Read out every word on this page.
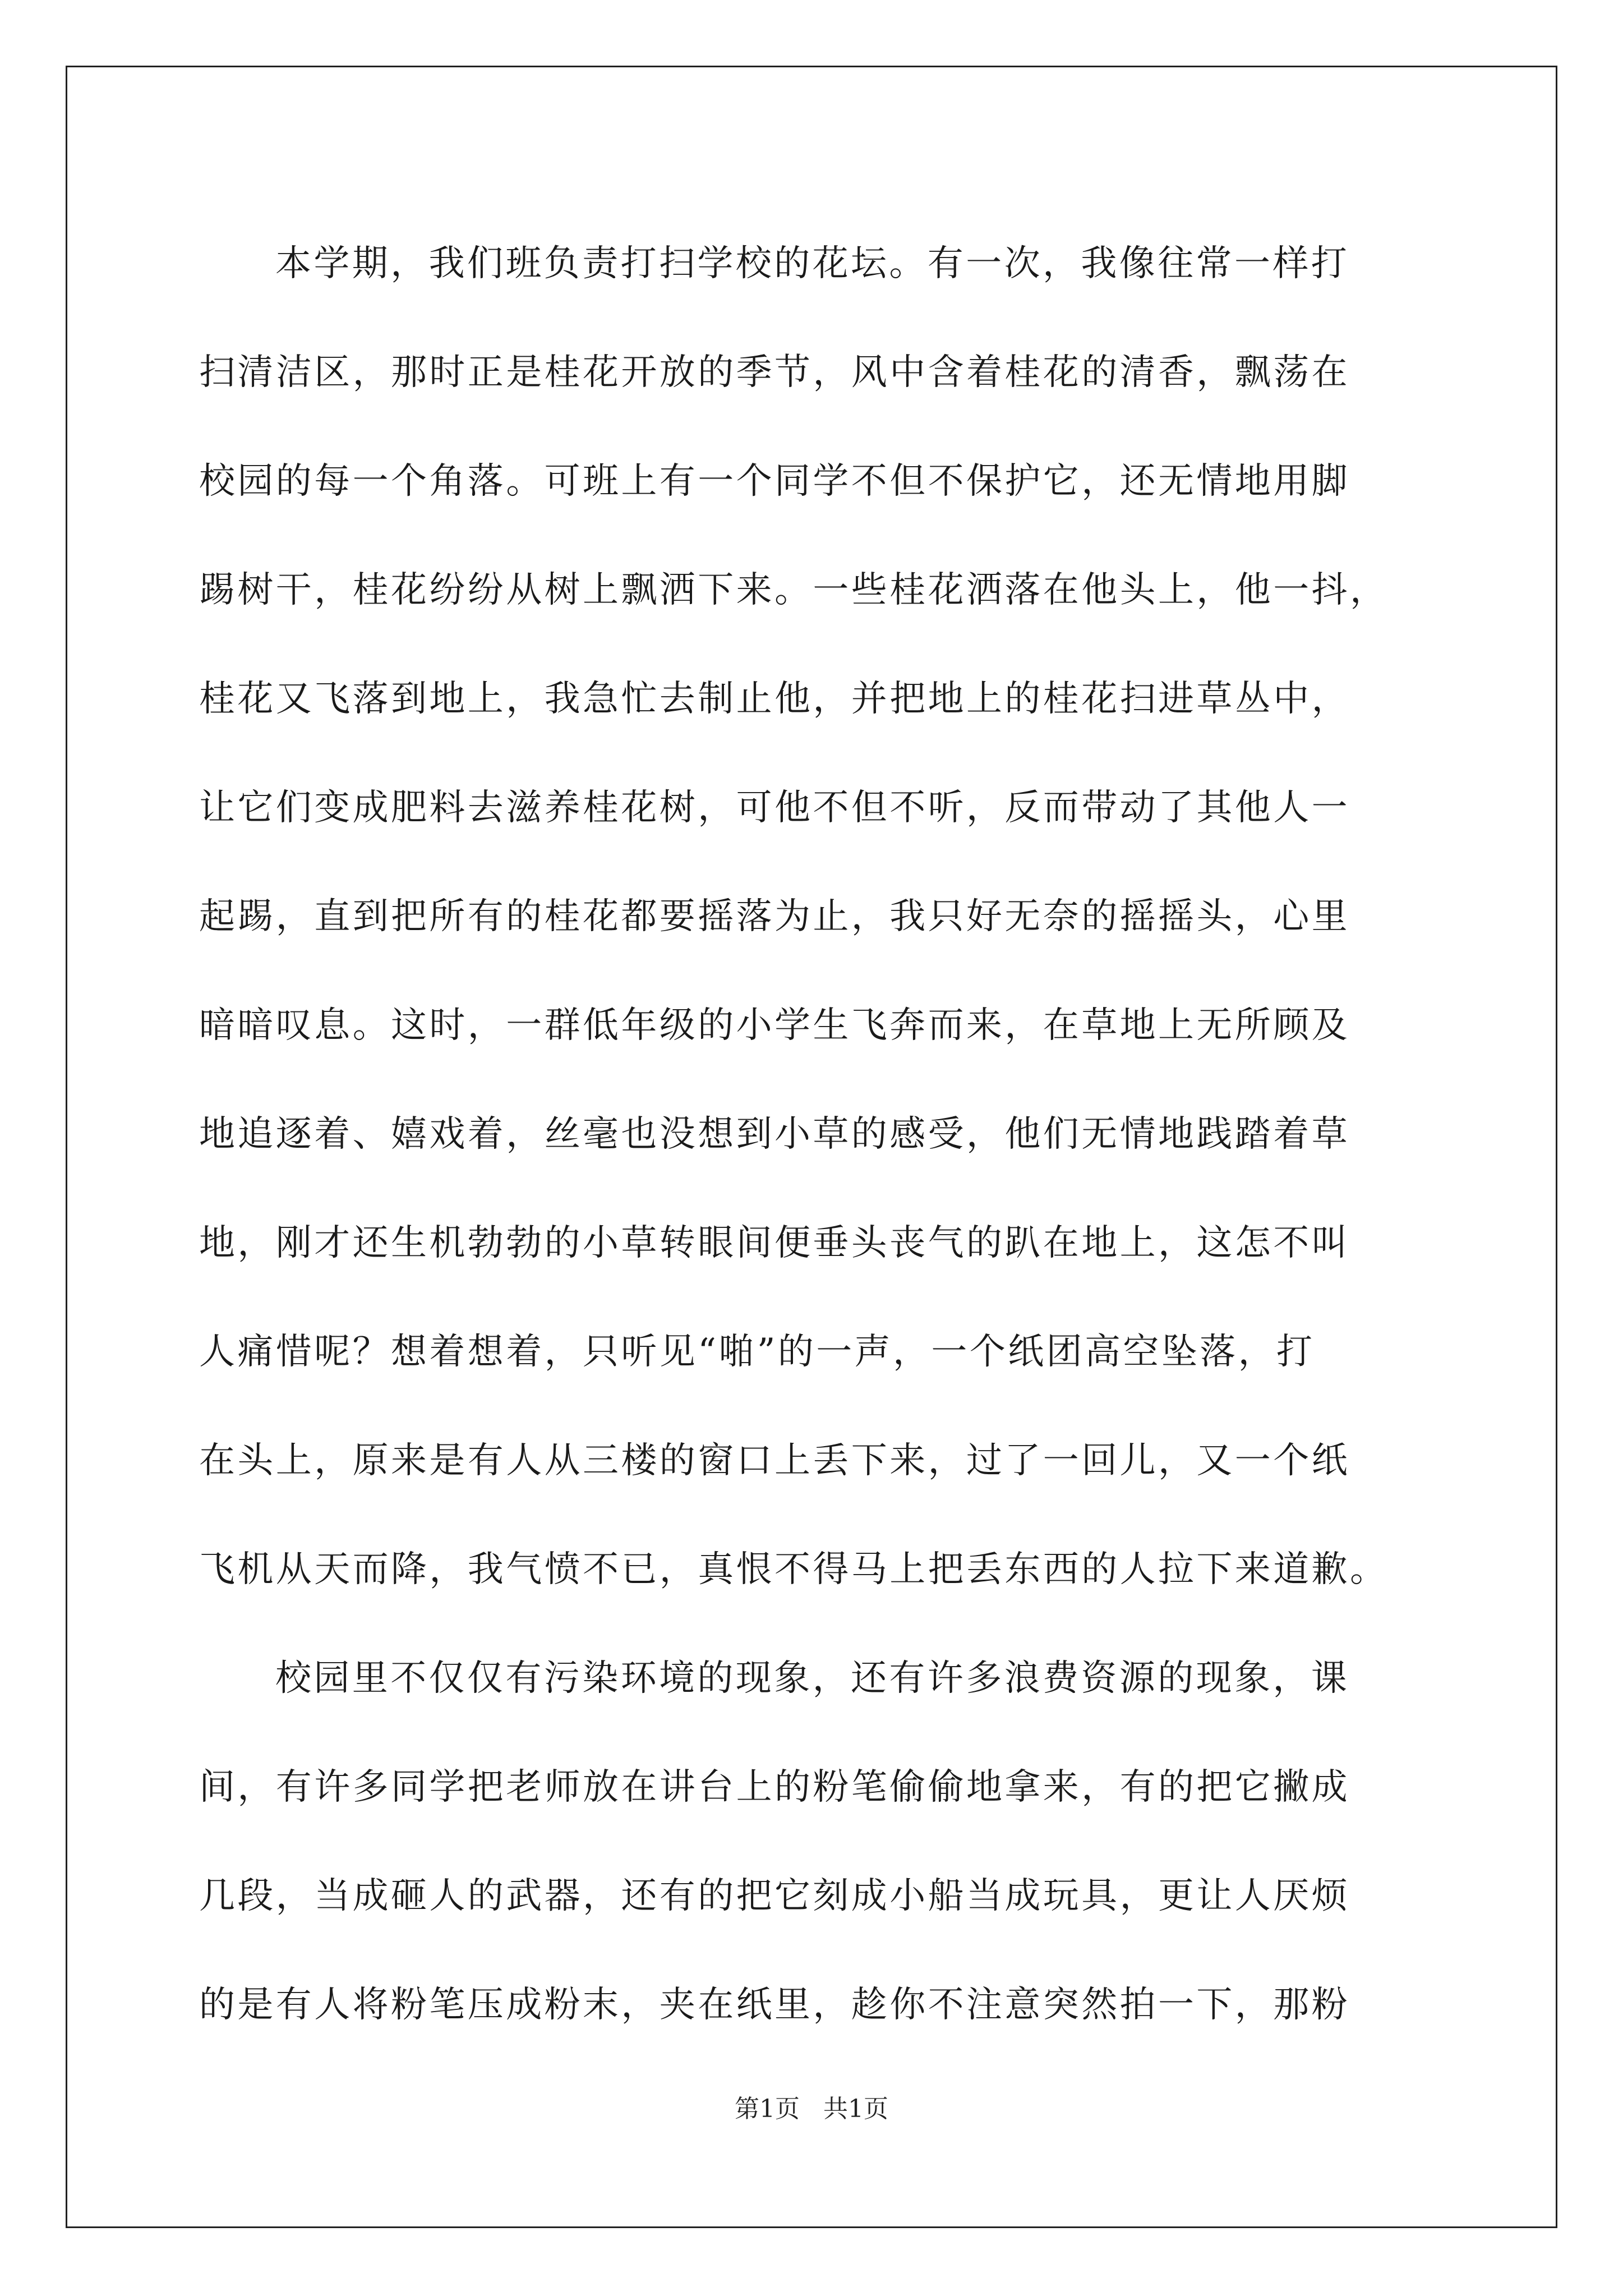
本学期，我们班负责打扫学校的花坛。有一次，我像往常一样打
扫清洁区，那时正是桂花开放的季节，风中含着桂花的清香，飘荡在
校园的每一个角落。可班上有一个同学不但不保护它，还无情地用脚
踢树干，桂花纷纷从树上飘洒下来。一些桂花洒落在他头上，他一抖，
桂花又飞落到地上，我急忙去制止他，并把地上的桂花扫进草丛中，
让它们变成肥料去滋养桂花树，可他不但不听，反而带动了其他人一
起踢，直到把所有的桂花都要摇落为止，我只好无奈的摇摇头，心里
暗暗叹息。这时，一群低年级的小学生飞奔而来，在草地上无所顾及
地追逐着、嬉戏着，丝毫也没想到小草的感受，他们无情地践踏着草
地，刚才还生机勃勃的小草转眼间便垂头丧气的趴在地上，这怎不叫
人痛惜呢？想着想着，只听见“啪”的一声，一个纸团高空坠落，打
在头上，原来是有人从三楼的窗口上丢下来，过了一回儿，又一个纸
飞机从天而降，我气愤不已，真恨不得马上把丢东西的人拉下来道歉。
校园里不仅仅有污染环境的现象，还有许多浪费资源的现象，课
间，有许多同学把老师放在讲台上的粉笔偷偷地拿来，有的把它撇成
几段，当成砸人的武器，还有的把它刻成小船当成玩具，更让人厌烦
的是有人将粉笔压成粉末，夹在纸里，趁你不注意突然拍一下，那粉
第1页   共1页
